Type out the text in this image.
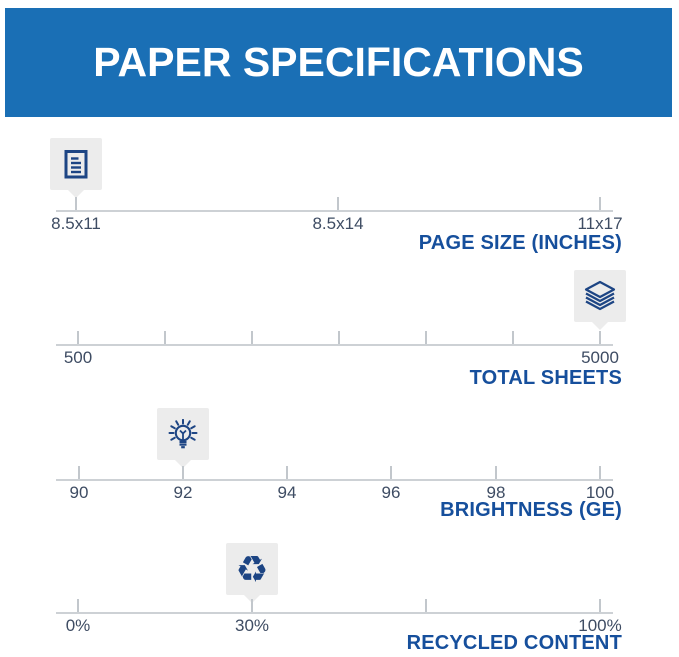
PAPER SPECIFICATIONS
8.5x11	8.5x14	11x17
PAGE SIZE (INCHES)
500	5000
TOTAL SHEETS
90	92	94	96	98	100
BRIGHTNESS (GE)
♻
0%	30%	100%
RECYCLED CONTENT
